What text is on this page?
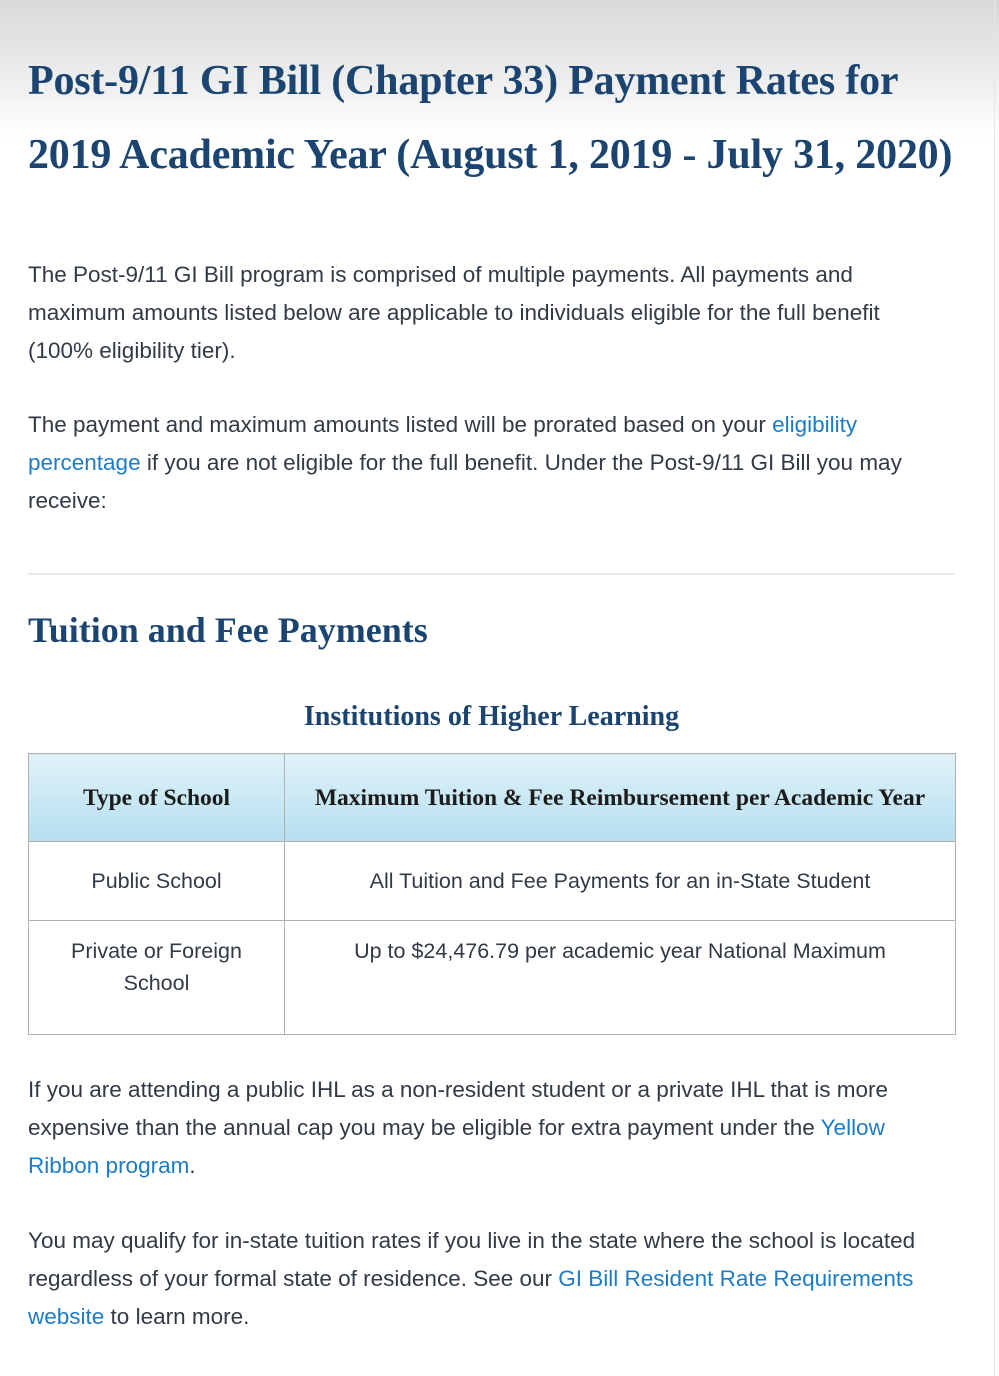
Post-9/11 GI Bill (Chapter 33) Payment Rates for 2019 Academic Year (August 1, 2019 - July 31, 2020)

The Post-9/11 GI Bill program is comprised of multiple payments. All payments and maximum amounts listed below are applicable to individuals eligible for the full benefit (100% eligibility tier).

The payment and maximum amounts listed will be prorated based on your eligibility percentage if you are not eligible for the full benefit. Under the Post-9/11 GI Bill you may receive:

Tuition and Fee Payments
Institutions of Higher Learning
Type of School	Maximum Tuition & Fee Reimbursement per Academic Year
Public School	All Tuition and Fee Payments for an in-State Student
Private or Foreign School	Up to $24,476.79 per academic year National Maximum

If you are attending a public IHL as a non-resident student or a private IHL that is more expensive than the annual cap you may be eligible for extra payment under the Yellow Ribbon program.

You may qualify for in-state tuition rates if you live in the state where the school is located regardless of your formal state of residence. See our GI Bill Resident Rate Requirements website to learn more.
